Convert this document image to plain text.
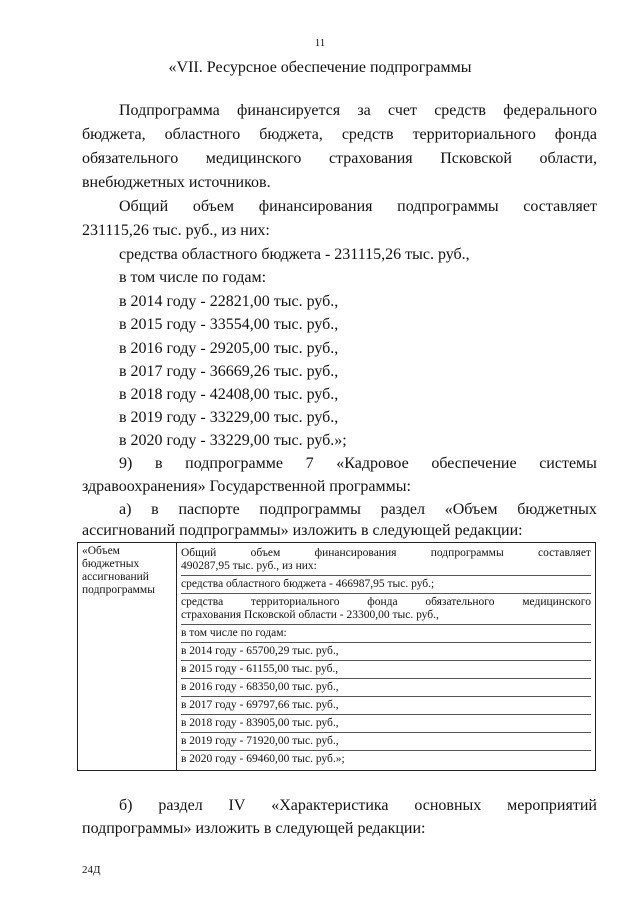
11
«VII. Ресурсное обеспечение подпрограммы
Подпрограмма финансируется за счет средств федерального
бюджета, областного бюджета, средств территориального фонда
обязательного медицинского страхования Псковской области,
внебюджетных источников.
Общий объем финансирования подпрограммы составляет
231115,26 тыс. руб., из них:
средства областного бюджета - 231115,26 тыс. руб.,
в том числе по годам:
в 2014 году - 22821,00 тыс. руб.,
в 2015 году - 33554,00 тыс. руб.,
в 2016 году - 29205,00 тыс. руб.,
в 2017 году - 36669,26 тыс. руб.,
в 2018 году - 42408,00 тыс. руб.,
в 2019 году - 33229,00 тыс. руб.,
в 2020 году - 33229,00 тыс. руб.»;
9) в подпрограмме 7 «Кадровое обеспечение системы
здравоохранения» Государственной программы:
а) в паспорте подпрограммы раздел «Объем бюджетных
ассигнований подпрограммы» изложить в следующей редакции:
«Объем
бюджетных
ассигнований
подпрограммы

Общий	объем	финансирования	подпрограммы	составляет
490287,95 тыс. руб., из них:
средства областного бюджета - 466987,95 тыс. руб.;
средства территориального фонда обязательного медицинского
страхования Псковской области - 23300,00 тыс. руб.,
в том числе по годам:
в 2014 году - 65700,29 тыс. руб.,
в 2015 году - 61155,00 тыс. руб.,
в 2016 году - 68350,00 тыс. руб.,
в 2017 году - 69797,66 тыс. руб.,
в 2018 году - 83905,00 тыс. руб.,
в 2019 году - 71920,00 тыс. руб.,
в 2020 году - 69460,00 тыс. руб.»;
б) раздел IV «Характеристика основных мероприятий
подпрограммы» изложить в следующей редакции:
24Д
